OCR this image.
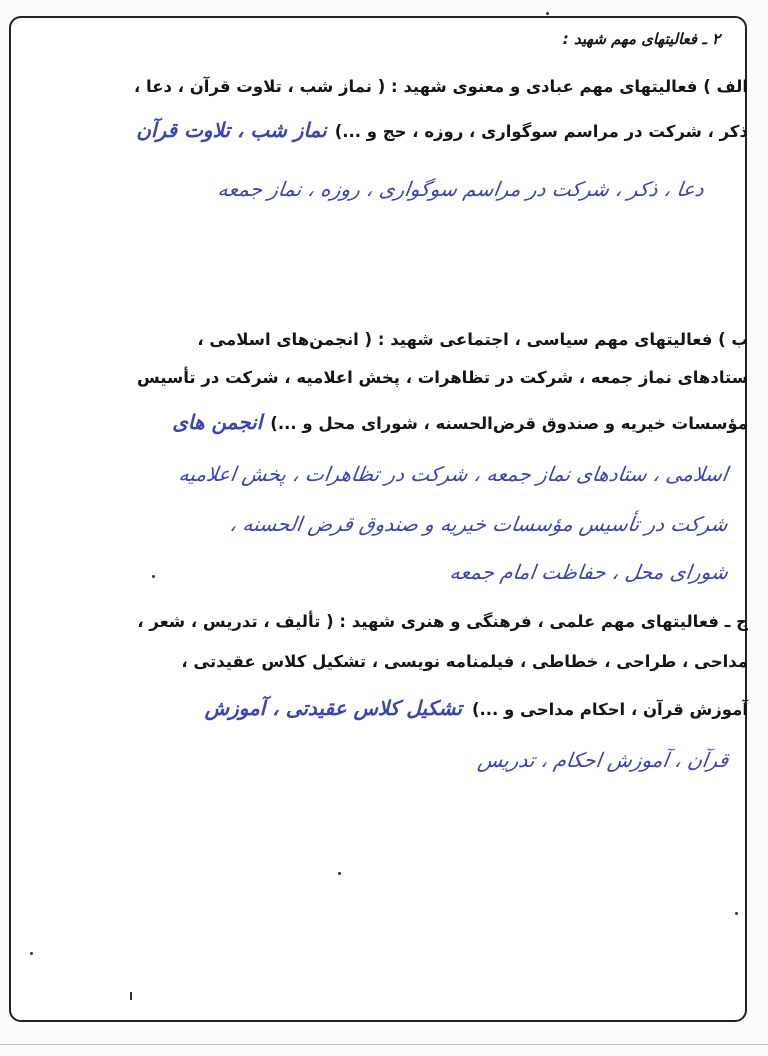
۲ ـ فعالیتهای مهم شهید :

الف ) فعالیتهای مهم عبادی و معنوی شهید : ( نماز شب ، تلاوت قرآن ، دعا ،

ذکر ، شرکت در مراسم سوگواری ، روزه ، حج و ...)نماز شب ، تلاوت قرآن

دعا ، ذکر ، شرکت در مراسم سوگواری ، روزه ، نماز جمعه

ب ) فعالیتهای مهم سیاسی ، اجتماعی شهید : ( انجمن‌های اسلامی ،

ستادهای نماز جمعه ، شرکت در تظاهرات ، پخش اعلامیه ، شرکت در تأسیس

مؤسسات خیریه و صندوق قرض‌الحسنه ، شورای محل و ...)انجمن های

اسلامی ، ستادهای نماز جمعه ، شرکت در تظاهرات ، پخش اعلامیه

شرکت در تأسیس مؤسسات خیریه و صندوق قرض الحسنه ،

شورای محل ، حفاظت امام جمعه

ج ـ فعالیتهای مهم علمی ، فرهنگی و هنری شهید : ( تألیف ، تدریس ، شعر ،

مداحی ، طراحی ، خطاطی ، فیلمنامه نویسی ، تشکیل کلاس عقیدتی ،

آموزش قرآن ، احکام مداحی و ...)تشکیل کلاس عقیدتی ، آموزش

قرآن ، آموزش احکام ، تدریس
